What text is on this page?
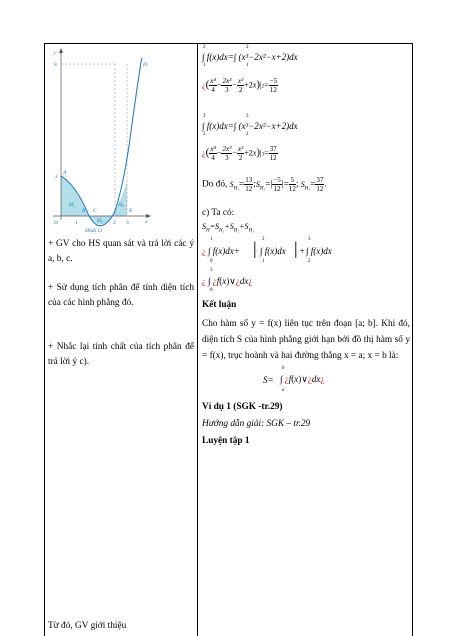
y
x
8
2
O	1	2 3
A
B C
D
E
H1
H2
H3
Hình 11
+ GV cho HS quan sát và trả lời các ý a, b, c.
+ Sử dụng tích phân để tính diện tích của các hình phẳng đó.
+ Nhắc lại tính chất của tích phân để trả lời ý c).
Từ đó, GV giới thiệu
2
1
∫ f(x)dx=∫ (x³−2x²−x+2)dx
2
1
¿( $\frac{\text{x⁴}}{4} - \frac{\text{2x³}}{3} - \frac{\text{x²}}{2} +2x)|2= \frac{-5}{12}$
3
2
∫ f(x)dx=∫ (x³−2x²−x+2)dx
3
2
¿( $\frac{\text{x⁴}}{4} - \frac{\text{2x³}}{3} - \frac{\text{x²}}{2} +2x)|3= \frac{37}{12}$
Do đó, $S_{H_1}= \frac{13}{12}$ $;S_{H_2}=| \frac{-5}{12}$ |= $\frac{5}{12}$ ; $S_{H_3}= \frac{37}{12}$ .
c) Ta có:
$S_H=S_{H_1}+S_{H_2}+S_{H_3}$
¿
1
0
∫ f(x)dx+ | 2
1
∫ f(x)dx | +
3
2
∫ f(x)dx
¿
3
0
∫ ¿f(x)∨¿dx¿
Kết luận
Cho hàm số y = f(x) liên tục trên đoạn [a; b]. Khi đó, diện tích S của hình phẳng giới hạn bởi đồ thị hàm số y = f(x), trục hoành và hai đường thẳng x = a; x = b là:
S=
b
a
∫ ¿f(x)∨¿dx¿
Ví dụ 1 (SGK -tr.29)
Hướng dẫn giải: SGK – tr.29
Luyện tập 1
